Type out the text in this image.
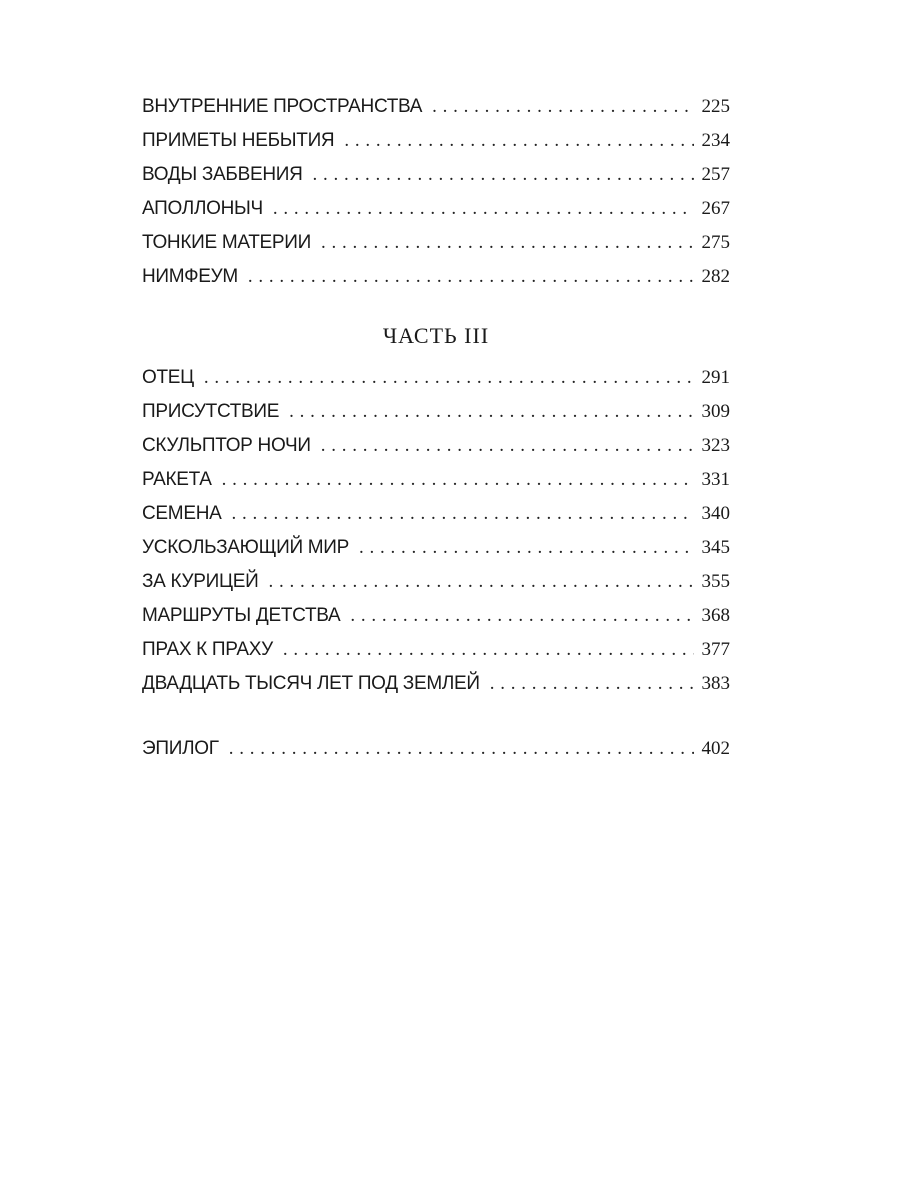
ВНУТРЕННИЕ ПРОСТРАНСТВА . . .	225
ПРИМЕТЫ НЕБЫТИЯ . . .	234
ВОДЫ ЗАБВЕНИЯ . . .	257
АПОЛЛОНЫЧ . . .	267
ТОНКИЕ МАТЕРИИ . . .	275
НИМФЕУМ . . .	282
ЧАСТЬ III
ОТЕЦ . . .	291
ПРИСУТСТВИЕ . . .	309
СКУЛЬПТОР НОЧИ . . .	323
РАКЕТА . . .	331
СЕМЕНА . . .	340
УСКОЛЬЗАЮЩИЙ МИР . . .	345
ЗА КУРИЦЕЙ . . .	355
МАРШРУТЫ ДЕТСТВА . . .	368
ПРАХ К ПРАХУ . . .	377
ДВАДЦАТЬ ТЫСЯЧ ЛЕТ ПОД ЗЕМЛЕЙ . . .	383
ЭПИЛОГ . . .	402
